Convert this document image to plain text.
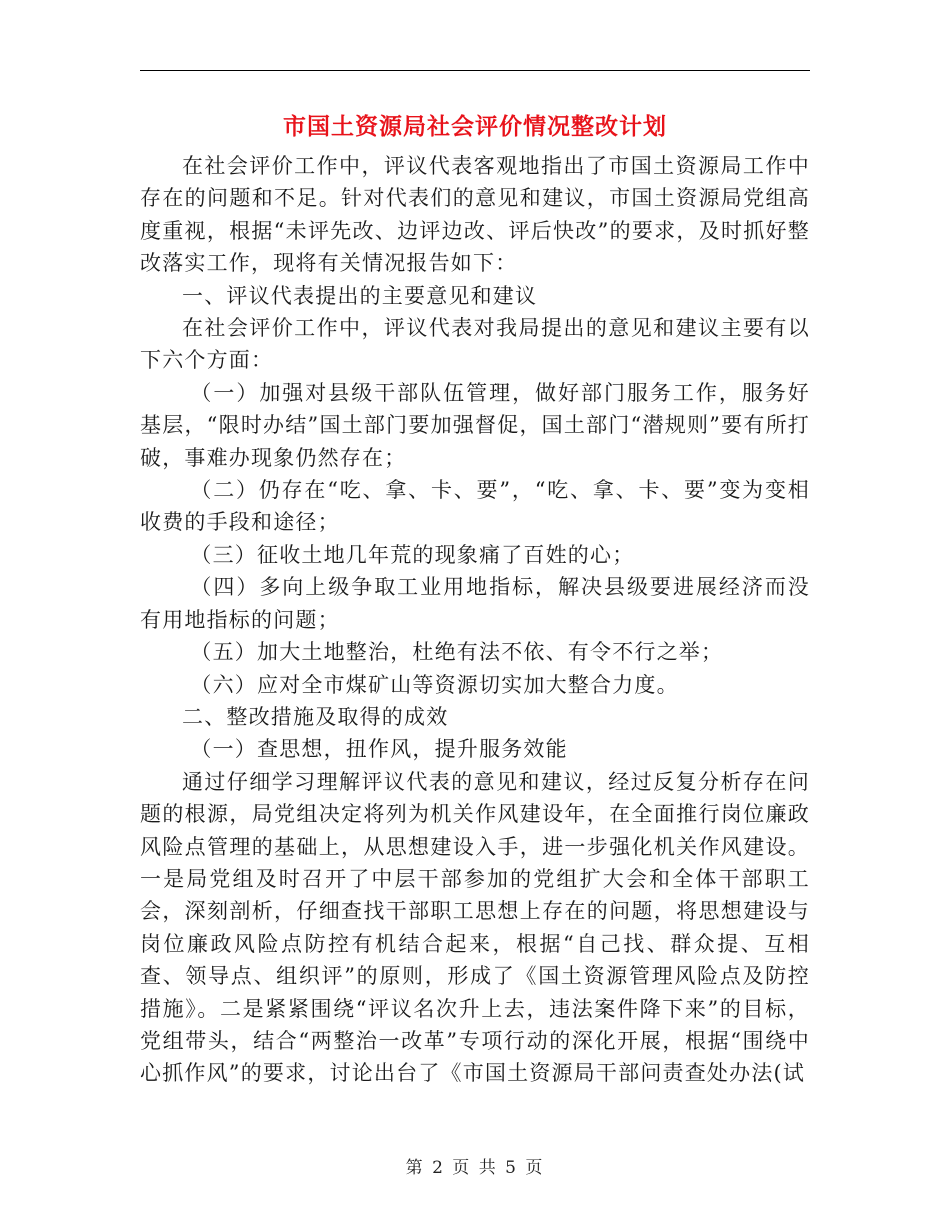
市国土资源局社会评价情况整改计划

在社会评价工作中，评议代表客观地指出了市国土资源局工作中存在的问题和不足。针对代表们的意见和建议，市国土资源局党组高度重视，根据“未评先改、边评边改、评后快改”的要求，及时抓好整改落实工作，现将有关情况报告如下：

一、评议代表提出的主要意见和建议

在社会评价工作中，评议代表对我局提出的意见和建议主要有以下六个方面：

（一）加强对县级干部队伍管理，做好部门服务工作，服务好基层，“限时办结”国土部门要加强督促，国土部门“潜规则”要有所打破，事难办现象仍然存在；

（二）仍存在“吃、拿、卡、要”，“吃、拿、卡、要”变为变相收费的手段和途径；

（三）征收土地几年荒的现象痛了百姓的心；

（四）多向上级争取工业用地指标，解决县级要进展经济而没有用地指标的问题；

（五）加大土地整治，杜绝有法不依、有令不行之举；

（六）应对全市煤矿山等资源切实加大整合力度。

二、整改措施及取得的成效

（一）查思想，扭作风，提升服务效能

通过仔细学习理解评议代表的意见和建议，经过反复分析存在问题的根源，局党组决定将列为机关作风建设年，在全面推行岗位廉政风险点管理的基础上，从思想建设入手，进一步强化机关作风建设。一是局党组及时召开了中层干部参加的党组扩大会和全体干部职工会，深刻剖析，仔细查找干部职工思想上存在的问题，将思想建设与岗位廉政风险点防控有机结合起来，根据“自己找、群众提、互相查、领导点、组织评”的原则，形成了《国土资源管理风险点及防控措施》。二是紧紧围绕“评议名次升上去，违法案件降下来”的目标，党组带头，结合“两整治一改革”专项行动的深化开展，根据“围绕中心抓作风”的要求，讨论出台了《市国土资源局干部问责查处办法(试

第 2 页 共 5 页
